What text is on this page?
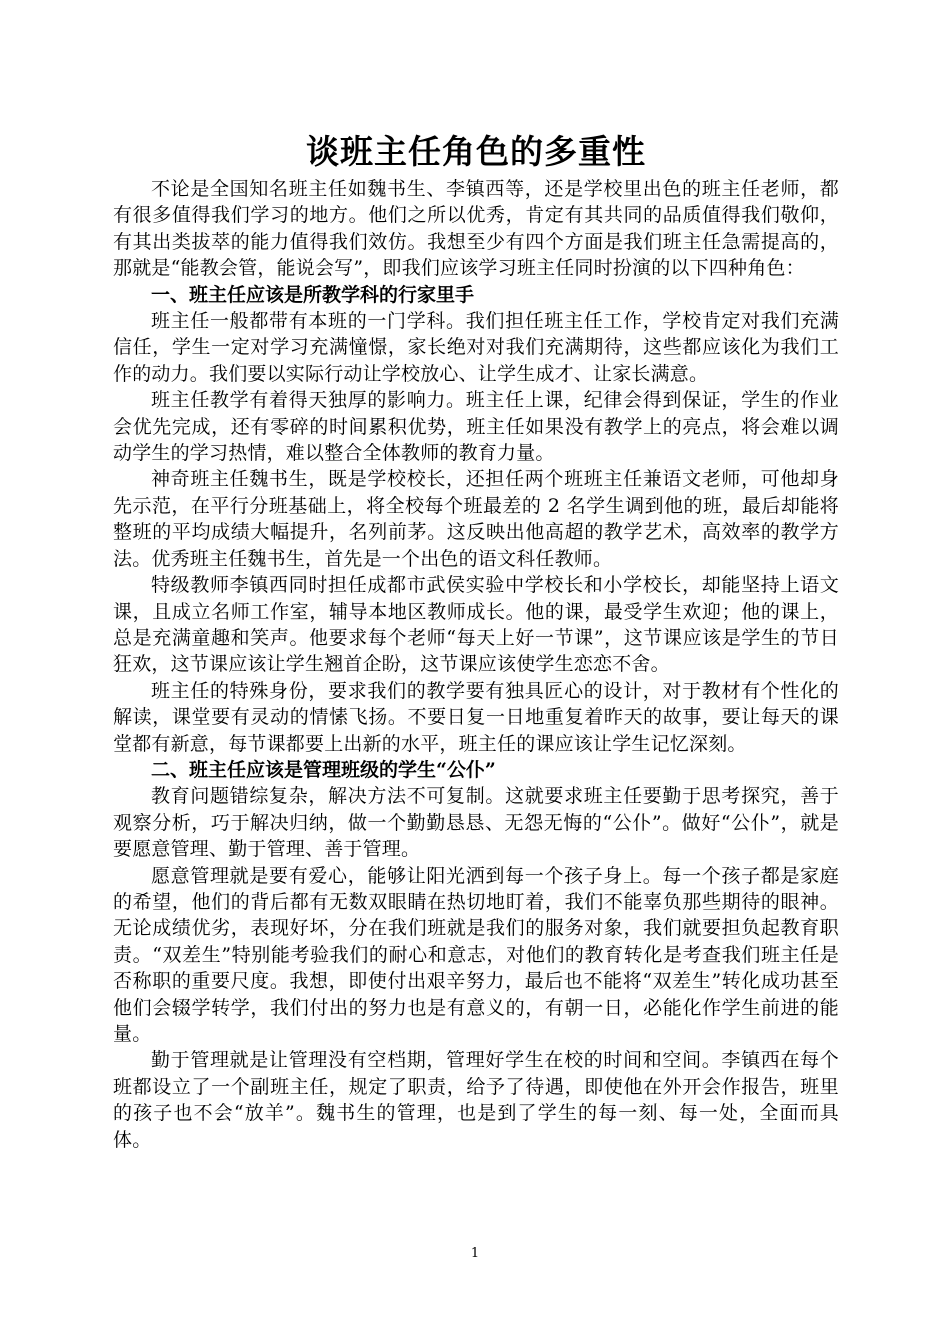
谈班主任角色的多重性

不论是全国知名班主任如魏书生、李镇西等，还是学校里出色的班主任老师，都有很多值得我们学习的地方。他们之所以优秀，肯定有其共同的品质值得我们敬仰，有其出类拔萃的能力值得我们效仿。我想至少有四个方面是我们班主任急需提高的，那就是“能教会管，能说会写”，即我们应该学习班主任同时扮演的以下四种角色：

一、班主任应该是所教学科的行家里手

班主任一般都带有本班的一门学科。我们担任班主任工作，学校肯定对我们充满信任，学生一定对学习充满憧憬，家长绝对对我们充满期待，这些都应该化为我们工作的动力。我们要以实际行动让学校放心、让学生成才、让家长满意。

班主任教学有着得天独厚的影响力。班主任上课，纪律会得到保证，学生的作业会优先完成，还有零碎的时间累积优势，班主任如果没有教学上的亮点，将会难以调动学生的学习热情，难以整合全体教师的教育力量。

神奇班主任魏书生，既是学校校长，还担任两个班班主任兼语文老师，可他却身先示范，在平行分班基础上，将全校每个班最差的 2 名学生调到他的班，最后却能将整班的平均成绩大幅提升，名列前茅。这反映出他高超的教学艺术，高效率的教学方法。优秀班主任魏书生，首先是一个出色的语文科任教师。

特级教师李镇西同时担任成都市武侯实验中学校长和小学校长，却能坚持上语文课，且成立名师工作室，辅导本地区教师成长。他的课，最受学生欢迎；他的课上，总是充满童趣和笑声。他要求每个老师“每天上好一节课”，这节课应该是学生的节日狂欢，这节课应该让学生翘首企盼，这节课应该使学生恋恋不舍。

班主任的特殊身份，要求我们的教学要有独具匠心的设计，对于教材有个性化的解读，课堂要有灵动的情愫飞扬。不要日复一日地重复着昨天的故事，要让每天的课堂都有新意，每节课都要上出新的水平，班主任的课应该让学生记忆深刻。

二、班主任应该是管理班级的学生“公仆”

教育问题错综复杂，解决方法不可复制。这就要求班主任要勤于思考探究，善于观察分析，巧于解决归纳，做一个勤勤恳恳、无怨无悔的“公仆”。做好“公仆”，就是要愿意管理、勤于管理、善于管理。

愿意管理就是要有爱心，能够让阳光洒到每一个孩子身上。每一个孩子都是家庭的希望，他们的背后都有无数双眼睛在热切地盯着，我们不能辜负那些期待的眼神。无论成绩优劣，表现好坏，分在我们班就是我们的服务对象，我们就要担负起教育职责。“双差生”特别能考验我们的耐心和意志，对他们的教育转化是考查我们班主任是否称职的重要尺度。我想，即使付出艰辛努力，最后也不能将“双差生”转化成功甚至他们会辍学转学，我们付出的努力也是有意义的，有朝一日，必能化作学生前进的能量。

勤于管理就是让管理没有空档期，管理好学生在校的时间和空间。李镇西在每个班都设立了一个副班主任，规定了职责，给予了待遇，即使他在外开会作报告，班里的孩子也不会“放羊”。魏书生的管理，也是到了学生的每一刻、每一处，全面而具体。

1
